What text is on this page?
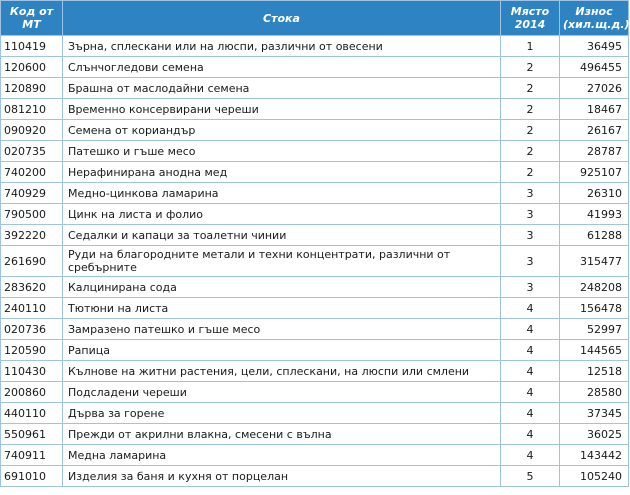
Код от МТ	Стока	Място 2014	Износ (хил.щ.д.)
110419	Зърна, сплескани или на люспи, различни от овесени	1	36495
120600	Слънчогледови семена	2	496455
120890	Брашна от маслодайни семена	2	27026
081210	Временно консервирани череши	2	18467
090920	Семена от кориандър	2	26167
020735	Патешко и гъше месо	2	28787
740200	Нерафинирана анодна мед	2	925107
740929	Медно-цинкова ламарина	3	26310
790500	Цинк на листа и фолио	3	41993
392220	Седалки и капаци за тоалетни чинии	3	61288
261690	Руди на благородните метали и техни концентрати, различни от сребърните	3	315477
283620	Калцинирана сода	3	248208
240110	Тютюни на листа	4	156478
020736	Замразено патешко и гъше месо	4	52997
120590	Рапица	4	144565
110430	Кълнове на житни растения, цели, сплескани, на люспи или смлени	4	12518
200860	Подсладени череши	4	28580
440110	Дърва за горене	4	37345
550961	Прежди от акрилни влакна, смесени с вълна	4	36025
740911	Медна ламарина	4	143442
691010	Изделия за баня и кухня от порцелан	5	105240
